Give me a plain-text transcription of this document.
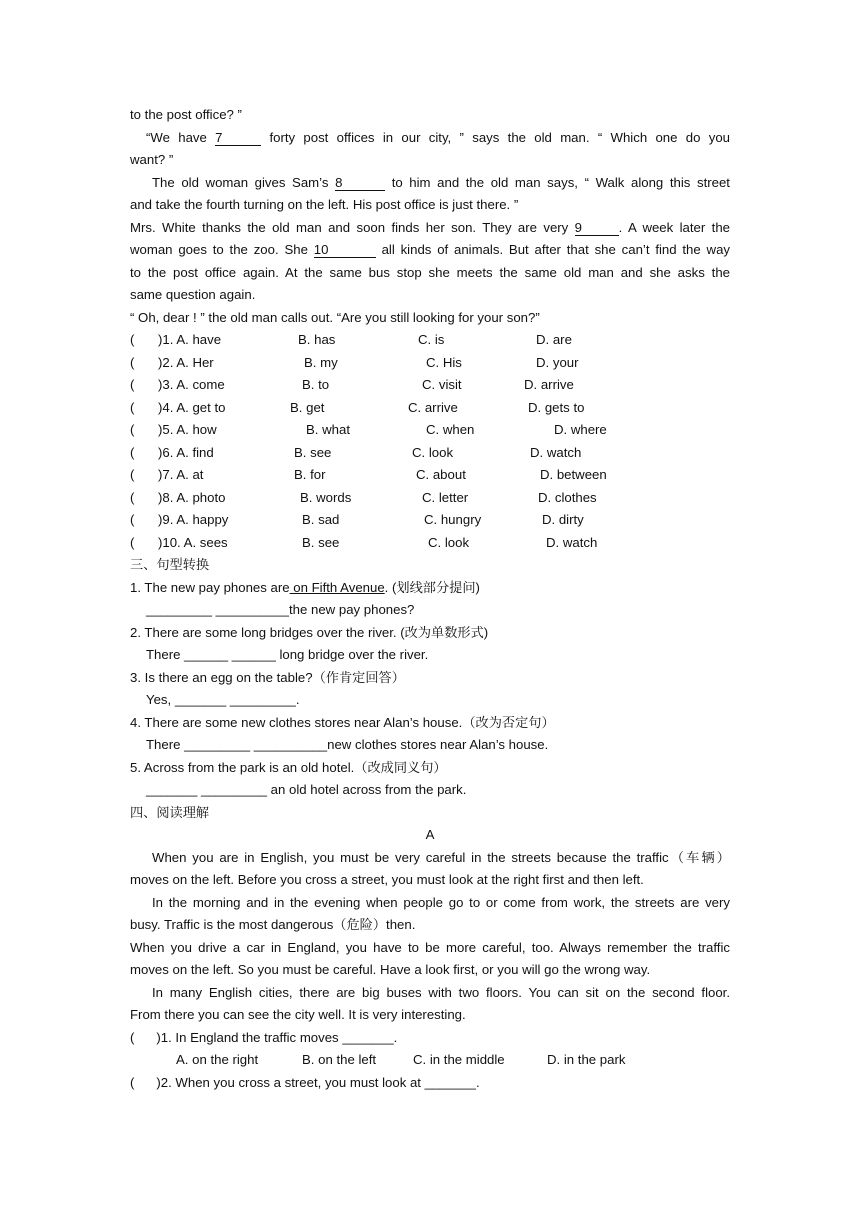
to the post office? ”
“We have 7	forty post offices in our city, ” says the old man. “ Which one do you
want? ”
The old woman gives Sam’s 8	to him and the old man says, “ Walk along this street
and take the fourth turning on the left. His post office is just there. ”
Mrs. White thanks the old man and soon finds her son. They are very 9	. A week later the
woman goes to the zoo. She 10	all kinds of animals. But after that she can’t find the way
to the post office again. At the same bus stop she meets the same old man and she asks the
same question again.
“ Oh, dear ! ” the old man calls out. “Are you still looking for your son?”
(	)1. A. have	B. has	C. is	D. are
(	)2. A. Her	B. my	C. His	D. your
(	)3. A. come	B. to	C. visit	D. arrive
(	)4. A. get to	B. get	C. arrive	D. gets to
(	)5. A. how	B. what	C. when	D. where
(	)6. A. find	B. see	C. look	D. watch
(	)7. A. at	B. for	C. about	D. between
(	)8. A. photo	B. words	C. letter	D. clothes
(	)9. A. happy	B. sad	C. hungry	D. dirty
(	)10. A. sees	B. see	C. look	D. watch
三、句型转换
1. The new pay phones are on Fifth Avenue. (划线部分提问)
_________ __________the new pay phones?
2. There are some long bridges over the river. (改为单数形式)
There ______ ______ long bridge over the river.
3. Is there an egg on the table?（作肯定回答）
Yes, _______ _________.
4. There are some new clothes stores near Alan’s house.（改为否定句）
There _________ __________new clothes stores near Alan’s house.
5. Across from the park is an old hotel.（改成同义句）
_______ _________ an old hotel across from the park.
四、阅读理解
A
When you are in English, you must be very careful in the streets because the traffic（车辆）
moves on the left. Before you cross a street, you must look at the right first and then left.
In the morning and in the evening when people go to or come from work, the streets are very
busy. Traffic is the most dangerous（危险）then.
When you drive a car in England, you have to be more careful, too. Always remember the traffic
moves on the left. So you must be careful. Have a look first, or you will go the wrong way.
In many English cities, there are big buses with two floors. You can sit on the second floor.
From there you can see the city well. It is very interesting.
(      )1. In England the traffic moves _______.
A. on the right	B. on the left	C. in the middle	D. in the park
(      )2. When you cross a street, you must look at _______.
